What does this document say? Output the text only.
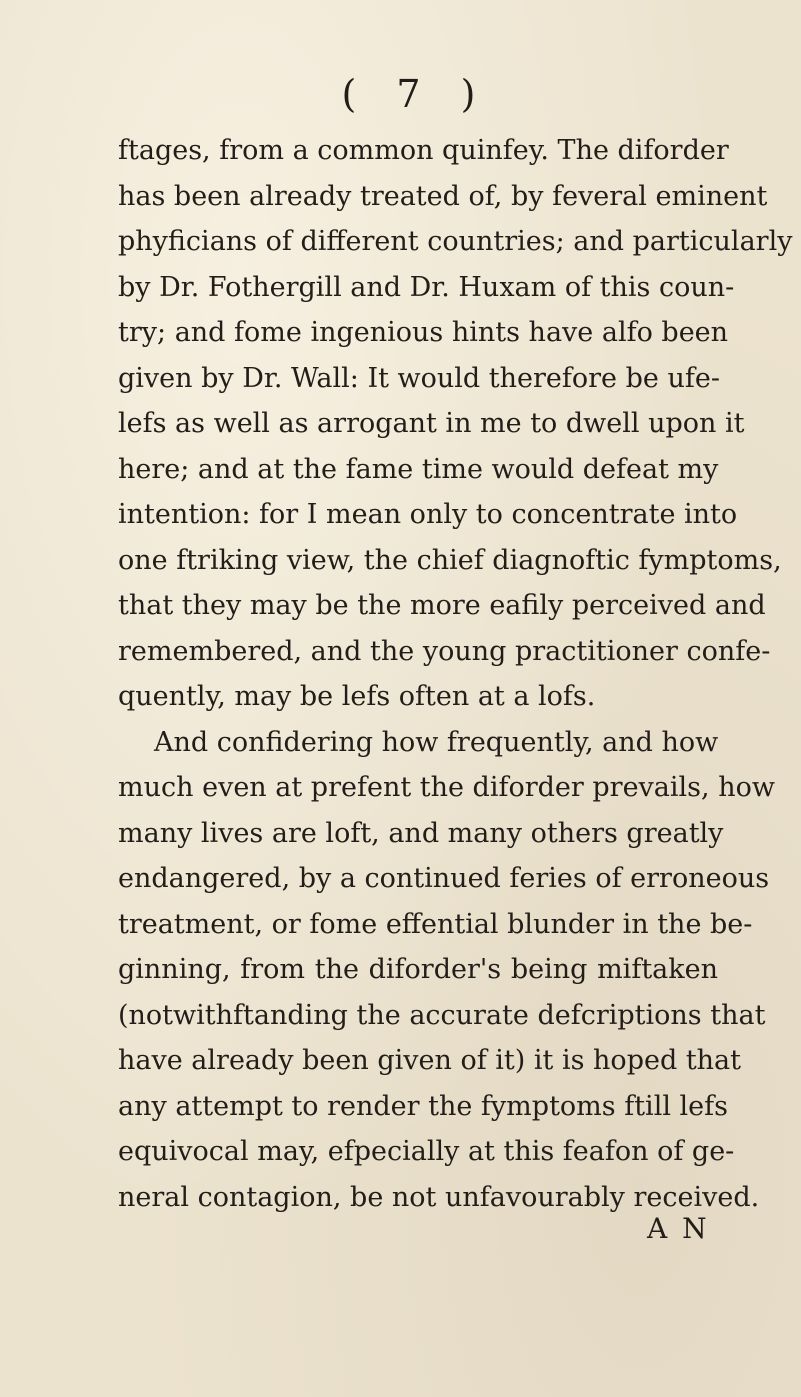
( 7 )
ftages, from a common quinfey. The diforder
has been already treated of, by feveral eminent
phyficians of different countries; and particularly
by Dr. Fothergill and Dr. Huxam of this coun-
try; and fome ingenious hints have alfo been
given by Dr. Wall: It would therefore be ufe-
lefs as well as arrogant in me to dwell upon it
here; and at the fame time would defeat my
intention: for I mean only to concentrate into
one ftriking view, the chief diagnoftic fymptoms,
that they may be the more eafily perceived and
remembered, and the young practitioner confe-
quently, may be lefs often at a lofs.
And confidering how frequently, and how
much even at prefent the diforder prevails, how
many lives are loft, and many others greatly
endangered, by a continued feries of erroneous
treatment, or fome effential blunder in the be-
ginning, from the diforder's being miftaken
(notwithftanding the accurate defcriptions that
have already been given of it) it is hoped that
any attempt to render the fymptoms ftill lefs
equivocal may, efpecially at this feafon of ge-
neral contagion, be not unfavourably received.
A N
